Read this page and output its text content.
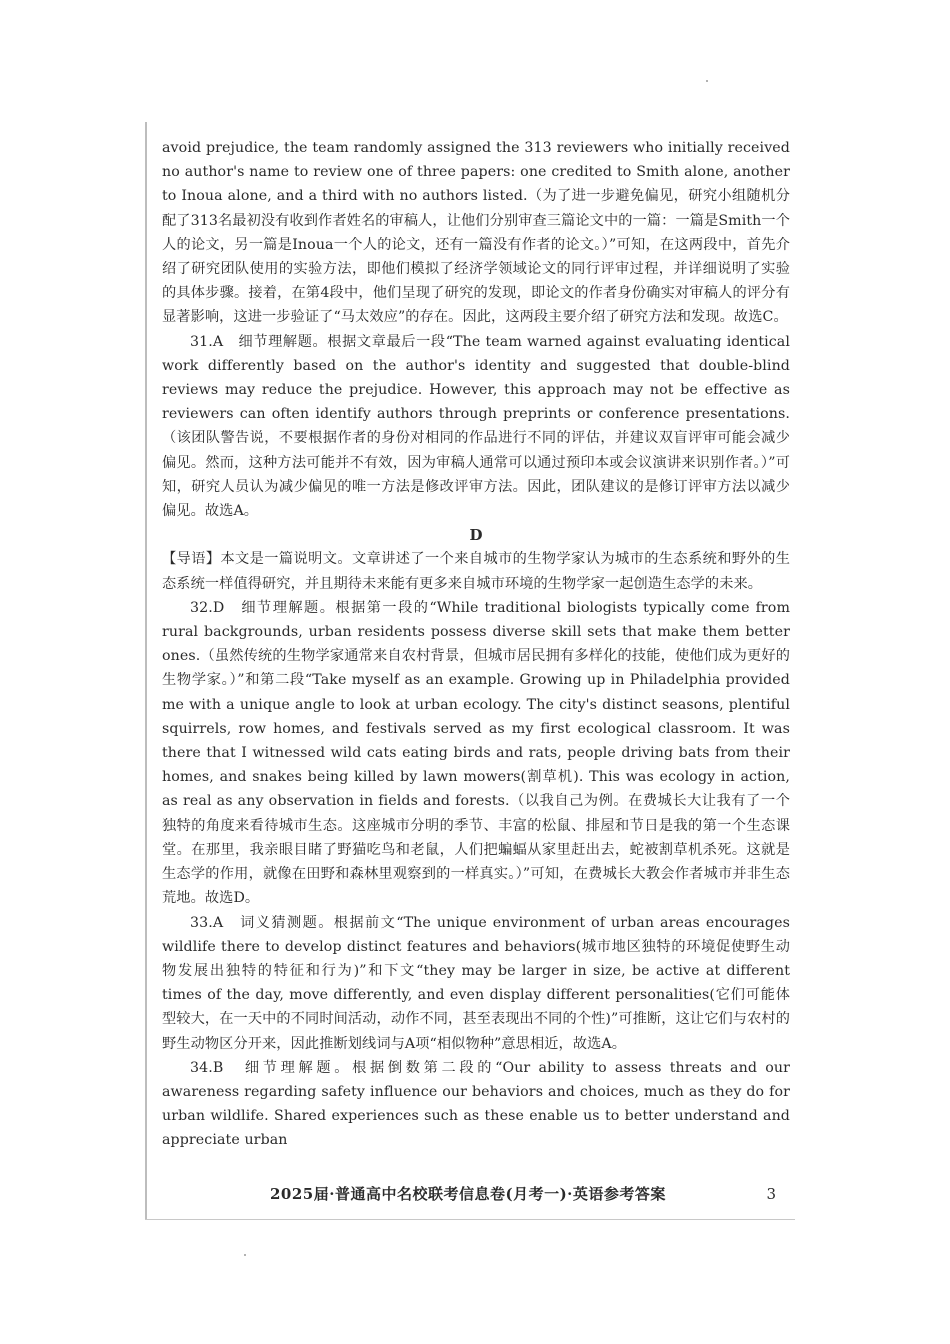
avoid prejudice, the team randomly assigned the 313 reviewers who initially received no author's name to review one of three papers: one credited to Smith alone, another to Inoua alone, and a third with no authors listed.（为了进一步避免偏见，研究小组随机分配了313名最初没有收到作者姓名的审稿人，让他们分别审查三篇论文中的一篇：一篇是Smith一个人的论文，另一篇是Inoua一个人的论文，还有一篇没有作者的论文。）”可知，在这两段中，首先介绍了研究团队使用的实验方法，即他们模拟了经济学领域论文的同行评审过程，并详细说明了实验的具体步骤。接着，在第4段中，他们呈现了研究的发现，即论文的作者身份确实对审稿人的评分有显著影响，这进一步验证了“马太效应”的存在。因此，这两段主要介绍了研究方法和发现。故选C。

31.A　细节理解题。根据文章最后一段“The team warned against evaluating identical work differently based on the author's identity and suggested that double-blind reviews may reduce the prejudice. However, this approach may not be effective as reviewers can often identify authors through preprints or conference presentations.（该团队警告说，不要根据作者的身份对相同的作品进行不同的评估，并建议双盲评审可能会减少偏见。然而，这种方法可能并不有效，因为审稿人通常可以通过预印本或会议演讲来识别作者。）”可知，研究人员认为减少偏见的唯一方法是修改评审方法。因此，团队建议的是修订评审方法以减少偏见。故选A。

D

【导语】本文是一篇说明文。文章讲述了一个来自城市的生物学家认为城市的生态系统和野外的生态系统一样值得研究，并且期待未来能有更多来自城市环境的生物学家一起创造生态学的未来。

32.D　细节理解题。根据第一段的“While traditional biologists typically come from rural backgrounds, urban residents possess diverse skill sets that make them better ones.（虽然传统的生物学家通常来自农村背景，但城市居民拥有多样化的技能，使他们成为更好的生物学家。）”和第二段“Take myself as an example. Growing up in Philadelphia provided me with a unique angle to look at urban ecology. The city's distinct seasons, plentiful squirrels, row homes, and festivals served as my first ecological classroom. It was there that I witnessed wild cats eating birds and rats, people driving bats from their homes, and snakes being killed by lawn mowers(割草机). This was ecology in action, as real as any observation in fields and forests.（以我自己为例。在费城长大让我有了一个独特的角度来看待城市生态。这座城市分明的季节、丰富的松鼠、排屋和节日是我的第一个生态课堂。在那里，我亲眼目睹了野猫吃鸟和老鼠，人们把蝙蝠从家里赶出去，蛇被割草机杀死。这就是生态学的作用，就像在田野和森林里观察到的一样真实。）”可知，在费城长大教会作者城市并非生态荒地。故选D。

33.A　词义猜测题。根据前文“The unique environment of urban areas encourages wildlife there to develop distinct features and behaviors(城市地区独特的环境促使野生动物发展出独特的特征和行为)”和下文“they may be larger in size, be active at different times of the day, move differently, and even display different personalities(它们可能体型较大，在一天中的不同时间活动，动作不同，甚至表现出不同的个性)”可推断，这让它们与农村的野生动物区分开来，因此推断划线词与A项“相似物种”意思相近，故选A。

34.B　细节理解题。根据倒数第二段的“Our ability to assess threats and our awareness regarding safety influence our behaviors and choices, much as they do for urban wildlife. Shared experiences such as these enable us to better understand and appreciate urban

2025届·普通高中名校联考信息卷(月考一)·英语参考答案	3
